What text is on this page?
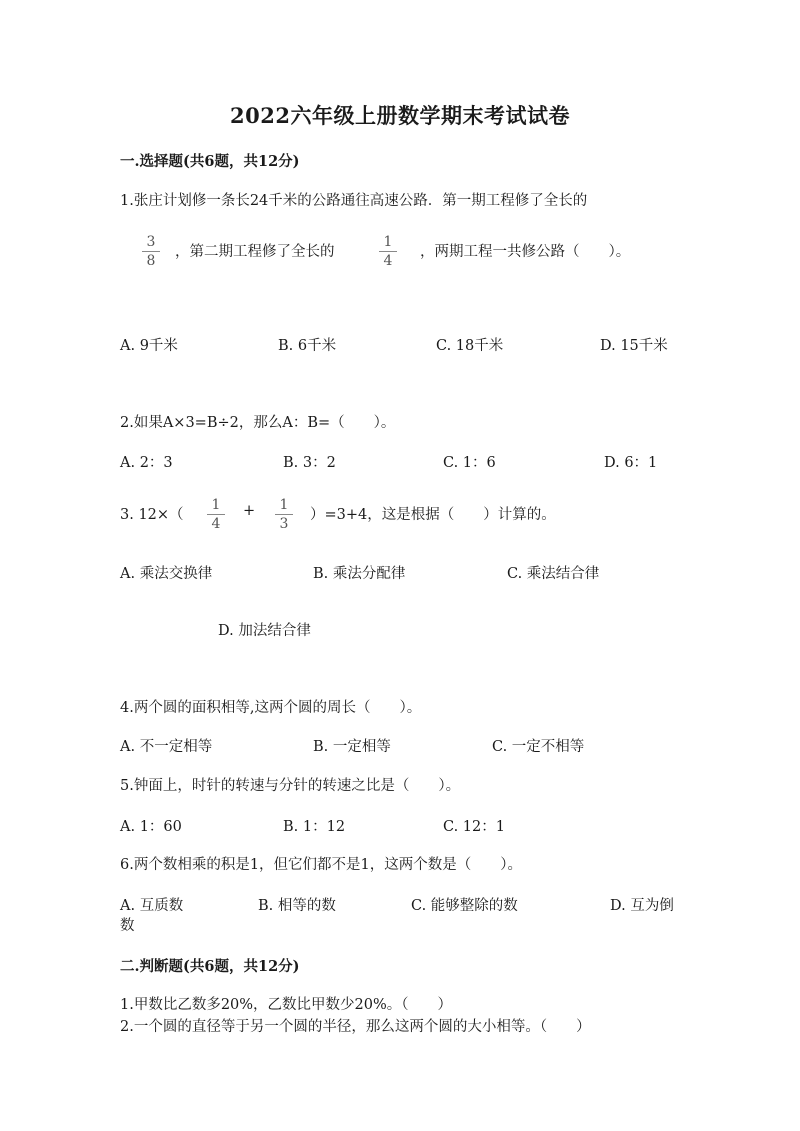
2022六年级上册数学期末考试试卷
一.选择题(共6题，共12分)
1.张庄计划修一条长24千米的公路通往高速公路．第一期工程修了全长的
3
8
，第二期工程修了全长的
1
4
，两期工程一共修公路（　　）。
A. 9千米	B. 6千米	C. 18千米	D. 15千米
2.如果A×3=B÷2，那么A：B=（　　）。
A. 2：3	B. 3：2	C. 1：6	D. 6：1
3. 12×（
1
4
+	1
3
）=3+4，这是根据（　　）计算的。
A. 乘法交换律	B. 乘法分配律	C. 乘法结合律
D. 加法结合律
4.两个圆的面积相等,这两个圆的周长（　　）。
A. 不一定相等	B. 一定相等	C. 一定不相等
5.钟面上，时针的转速与分针的转速之比是（　　）。
A. 1：60	B. 1：12	C. 12：1
6.两个数相乘的积是1，但它们都不是1，这两个数是（　　）。
A. 互质数	B. 相等的数	C. 能够整除的数	D. 互为倒
数
二.判断题(共6题，共12分)
1.甲数比乙数多20%，乙数比甲数少20%。（　　）
2.一个圆的直径等于另一个圆的半径，那么这两个圆的大小相等。（　　）
